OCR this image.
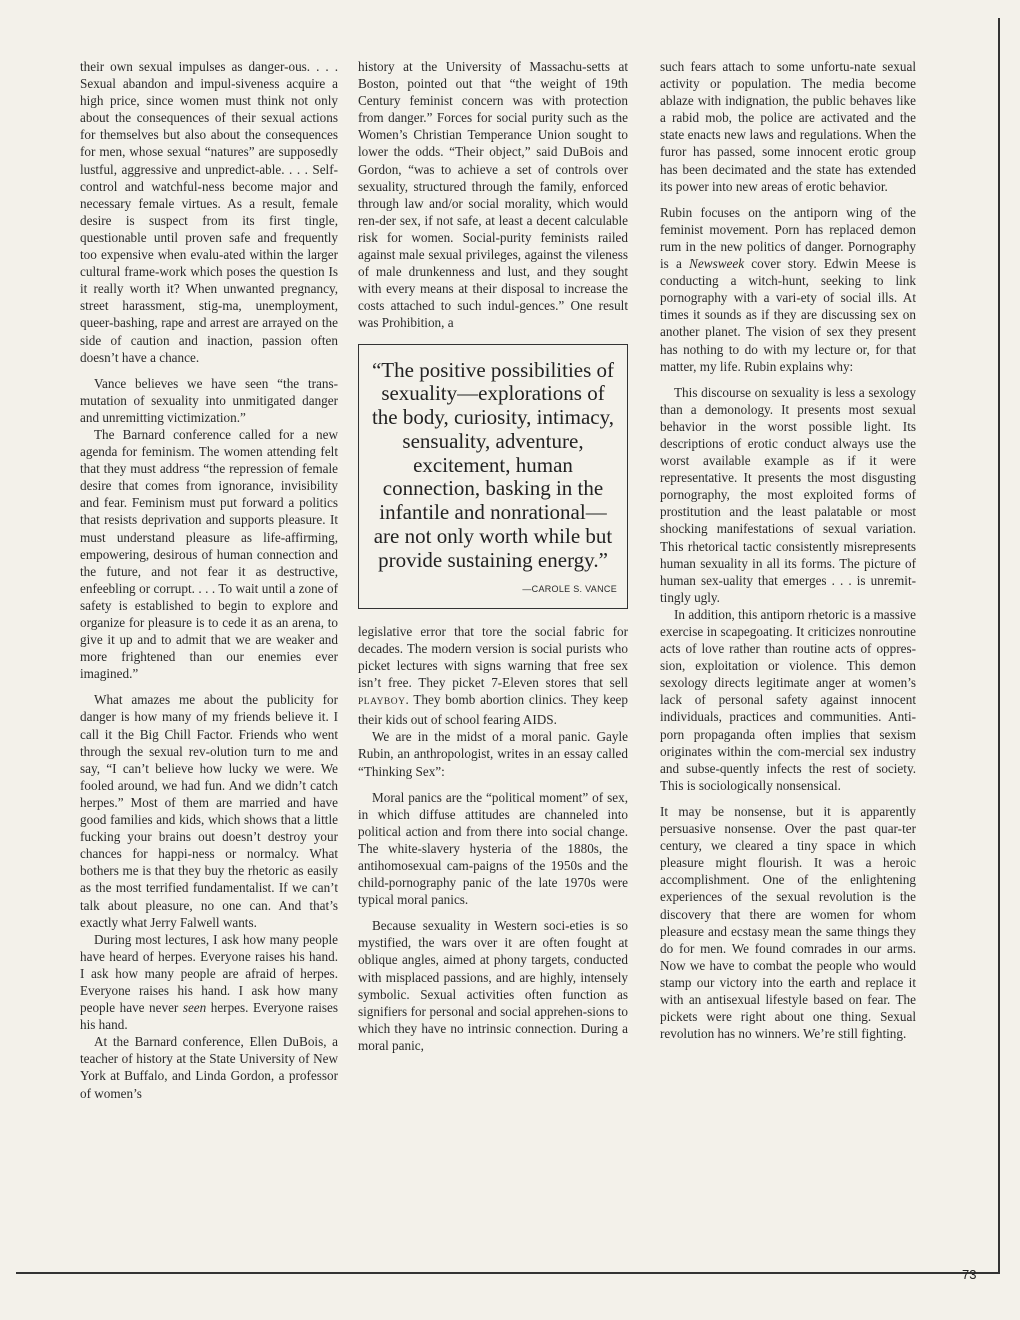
their own sexual impulses as danger-ous. . . . Sexual abandon and impul-siveness acquire a high price, since women must think not only about the consequences of their sexual actions for themselves but also about the consequences for men, whose sexual “natures” are supposedly lustful, aggressive and unpredict-able. . . . Self-control and watchful-ness become major and necessary female virtues. As a result, female desire is suspect from its first tingle, questionable until proven safe and frequently too expensive when evalu-ated within the larger cultural frame-work which poses the question Is it really worth it? When unwanted pregnancy, street harassment, stig-ma, unemployment, queer-bashing, rape and arrest are arrayed on the side of caution and inaction, passion often doesn’t have a chance.

Vance believes we have seen “the trans-mutation of sexuality into unmitigated danger and unremitting victimization.”

The Barnard conference called for a new agenda for feminism. The women attending felt that they must address “the repression of female desire that comes from ignorance, invisibility and fear. Feminism must put forward a politics that resists deprivation and supports pleasure. It must understand pleasure as life-affirming, empowering, desirous of human connection and the future, and not fear it as destructive, enfeebling or corrupt. . . . To wait until a zone of safety is established to begin to explore and organize for pleasure is to cede it as an arena, to give it up and to admit that we are weaker and more frightened than our enemies ever imagined.”

What amazes me about the publicity for danger is how many of my friends believe it. I call it the Big Chill Factor. Friends who went through the sexual rev-olution turn to me and say, “I can’t believe how lucky we were. We fooled around, we had fun. And we didn’t catch herpes.” Most of them are married and have good families and kids, which shows that a little fucking your brains out doesn’t destroy your chances for happi-ness or normalcy. What bothers me is that they buy the rhetoric as easily as the most terrified fundamentalist. If we can’t talk about pleasure, no one can. And that’s exactly what Jerry Falwell wants.

During most lectures, I ask how many people have heard of herpes. Everyone raises his hand. I ask how many people are afraid of herpes. Everyone raises his hand. I ask how many people have never seen herpes. Everyone raises his hand.

At the Barnard conference, Ellen DuBois, a teacher of history at the State University of New York at Buffalo, and Linda Gordon, a professor of women’s

history at the University of Massachu-setts at Boston, pointed out that “the weight of 19th Century feminist concern was with protection from danger.” Forces for social purity such as the Women’s Christian Temperance Union sought to lower the odds. “Their object,” said DuBois and Gordon, “was to achieve a set of controls over sexuality, structured through the family, enforced through law and/or social morality, which would ren-der sex, if not safe, at least a decent calculable risk for women. Social-purity feminists railed against male sexual privileges, against the vileness of male drunkenness and lust, and they sought with every means at their disposal to increase the costs attached to such indul-gences.” One result was Prohibition, a

“The positive possibilities of sexuality—explorations of the body, curiosity, intimacy, sensuality, adventure, excitement, human connection, basking in the infantile and nonrational—are not only worth while but provide sustaining energy.”

—CAROLE S. VANCE

legislative error that tore the social fabric for decades. The modern version is social purists who picket lectures with signs warning that free sex isn’t free. They picket 7-Eleven stores that sell PLAYBOY. They bomb abortion clinics. They keep their kids out of school fearing AIDS.

We are in the midst of a moral panic. Gayle Rubin, an anthropologist, writes in an essay called “Thinking Sex”:

Moral panics are the “political moment” of sex, in which diffuse attitudes are channeled into political action and from there into social change. The white-slavery hysteria of the 1880s, the antihomosexual cam-paigns of the 1950s and the child-pornography panic of the late 1970s were typical moral panics.

Because sexuality in Western soci-eties is so mystified, the wars over it are often fought at oblique angles, aimed at phony targets, conducted with misplaced passions, and are highly, intensely symbolic. Sexual activities often function as signifiers for personal and social apprehen-sions to which they have no intrinsic connection. During a moral panic,

such fears attach to some unfortu-nate sexual activity or population. The media become ablaze with indignation, the public behaves like a rabid mob, the police are activated and the state enacts new laws and regulations. When the furor has passed, some innocent erotic group has been decimated and the state has extended its power into new areas of erotic behavior.

Rubin focuses on the antiporn wing of the feminist movement. Porn has replaced demon rum in the new politics of danger. Pornography is a Newsweek cover story. Edwin Meese is conducting a witch-hunt, seeking to link pornography with a vari-ety of social ills. At times it sounds as if they are discussing sex on another planet. The vision of sex they present has nothing to do with my lecture or, for that matter, my life. Rubin explains why:

This discourse on sexuality is less a sexology than a demonology. It presents most sexual behavior in the worst possible light. Its descriptions of erotic conduct always use the worst available example as if it were representative. It presents the most disgusting pornography, the most exploited forms of prostitution and the least palatable or most shocking manifestations of sexual variation. This rhetorical tactic consistently misrepresents human sexuality in all its forms. The picture of human sex-uality that emerges . . . is unremit-tingly ugly.

In addition, this antiporn rhetoric is a massive exercise in scapegoating. It criticizes nonroutine acts of love rather than routine acts of oppres-sion, exploitation or violence. This demon sexology directs legitimate anger at women’s lack of personal safety against innocent individuals, practices and communities. Anti-porn propaganda often implies that sexism originates within the com-mercial sex industry and subse-quently infects the rest of society. This is sociologically nonsensical.

It may be nonsense, but it is apparently persuasive nonsense. Over the past quar-ter century, we cleared a tiny space in which pleasure might flourish. It was a heroic accomplishment. One of the enlightening experiences of the sexual revolution is the discovery that there are women for whom pleasure and ecstasy mean the same things they do for men. We found comrades in our arms. Now we have to combat the people who would stamp our victory into the earth and replace it with an antisexual lifestyle based on fear. The pickets were right about one thing. Sexual revolution has no winners. We’re still fighting.

73
